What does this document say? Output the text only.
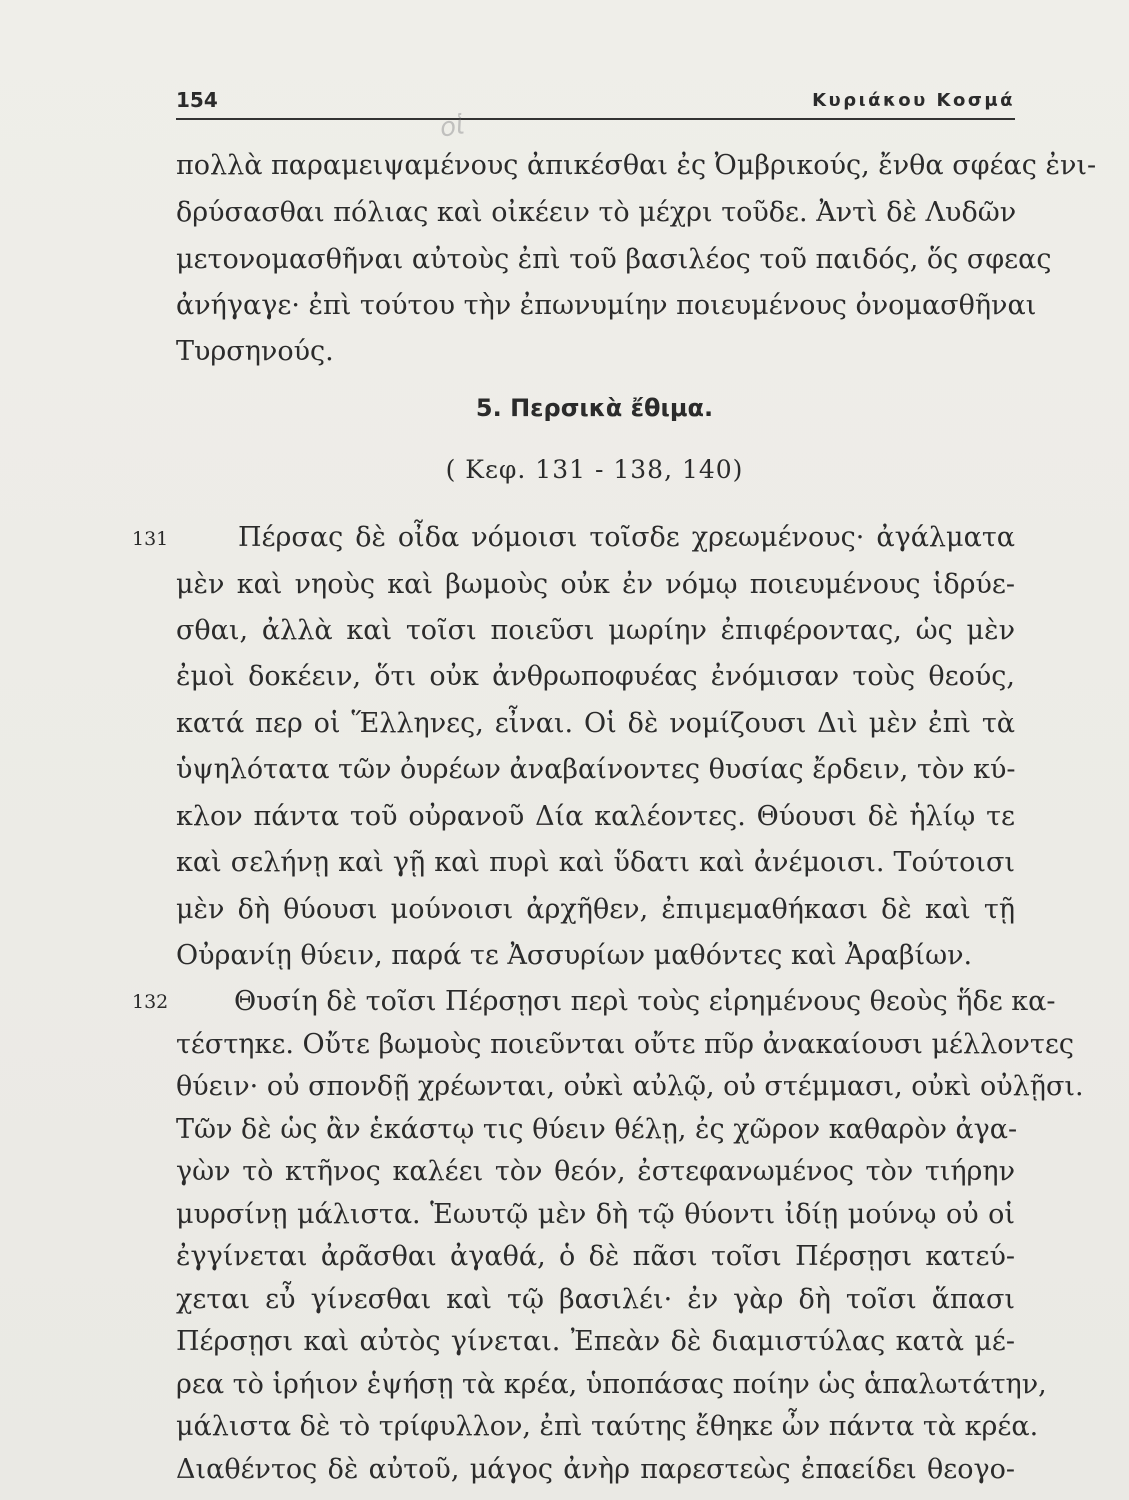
154	Κυριάκου Κοσμά
οἱ
πολλὰ παραμειψαμένους ἀπικέσθαι ἐς Ὀμβρικούς, ἔνθα σφέας ἐνι-
δρύσασθαι πόλιας καὶ οἰκέειν τὸ μέχρι τοῦδε. Ἀντὶ δὲ Λυδῶν
μετονομασθῆναι αὐτοὺς ἐπὶ τοῦ βασιλέος τοῦ παιδός, ὅς σφεας
ἀνήγαγε· ἐπὶ τούτου τὴν ἐπωνυμίην ποιευμένους ὀνομασθῆναι
Τυρσηνούς.
5. Περσικὰ ἔθιμα.
( Κεφ. 131 - 138, 140)
131	Πέρσας δὲ οἶδα νόμοισι τοῖσδε χρεωμένους· ἀγάλματα
μὲν καὶ νηοὺς καὶ βωμοὺς οὐκ ἐν νόμῳ ποιευμένους ἱδρύε-
σθαι, ἀλλὰ καὶ τοῖσι ποιεῦσι μωρίην ἐπιφέροντας, ὡς μὲν
ἐμοὶ δοκέειν, ὅτι οὐκ ἀνθρωποφυέας ἐνόμισαν τοὺς θεούς,
κατά περ οἱ Ἕλληνες, εἶναι. Οἱ δὲ νομίζουσι Διὶ μὲν ἐπὶ τὰ
ὑψηλότατα τῶν ὀυρέων ἀναβαίνοντες θυσίας ἔρδειν, τὸν κύ-
κλον πάντα τοῦ οὐρανοῦ Δία καλέοντες. Θύουσι δὲ ἡλίῳ τε
καὶ σελήνῃ καὶ γῇ καὶ πυρὶ καὶ ὕδατι καὶ ἀνέμοισι. Τούτοισι
μὲν δὴ θύουσι μούνοισι ἀρχῆθεν, ἐπιμεμαθήκασι δὲ καὶ τῇ
Οὐρανίῃ θύειν, παρά τε Ἀσσυρίων μαθόντες καὶ Ἀραβίων.
132	Θυσίη δὲ τοῖσι Πέρσῃσι περὶ τοὺς εἰρημένους θεοὺς ἥδε κα-
τέστηκε. Οὔτε βωμοὺς ποιεῦνται οὔτε πῦρ ἀνακαίουσι μέλλοντες
θύειν· οὐ σπονδῇ χρέωνται, οὐκὶ αὐλῷ, οὐ στέμμασι, οὐκὶ οὐλῇσι.
Τῶν δὲ ὡς ἂν ἑκάστῳ τις θύειν θέλῃ, ἐς χῶρον καθαρὸν ἀγα-
γὼν τὸ κτῆνος καλέει τὸν θεόν, ἐστεφανωμένος τὸν τιήρην
μυρσίνῃ μάλιστα. Ἑωυτῷ μὲν δὴ τῷ θύοντι ἰδίῃ μούνῳ οὐ οἱ
ἐγγίνεται ἀρᾶσθαι ἀγαθά, ὁ δὲ πᾶσι τοῖσι Πέρσῃσι κατεύ-
χεται εὖ γίνεσθαι καὶ τῷ βασιλέι· ἐν γὰρ δὴ τοῖσι ἅπασι
Πέρσῃσι καὶ αὐτὸς γίνεται. Ἐπεὰν δὲ διαμιστύλας κατὰ μέ-
ρεα τὸ ἱρήιον ἑψήσῃ τὰ κρέα, ὑποπάσας ποίην ὡς ἁπαλωτάτην,
μάλιστα δὲ τὸ τρίφυλλον, ἐπὶ ταύτης ἔθηκε ὦν πάντα τὰ κρέα.
Διαθέντος δὲ αὐτοῦ, μάγος ἀνὴρ παρεστεὼς ἐπαείδει θεογο-
